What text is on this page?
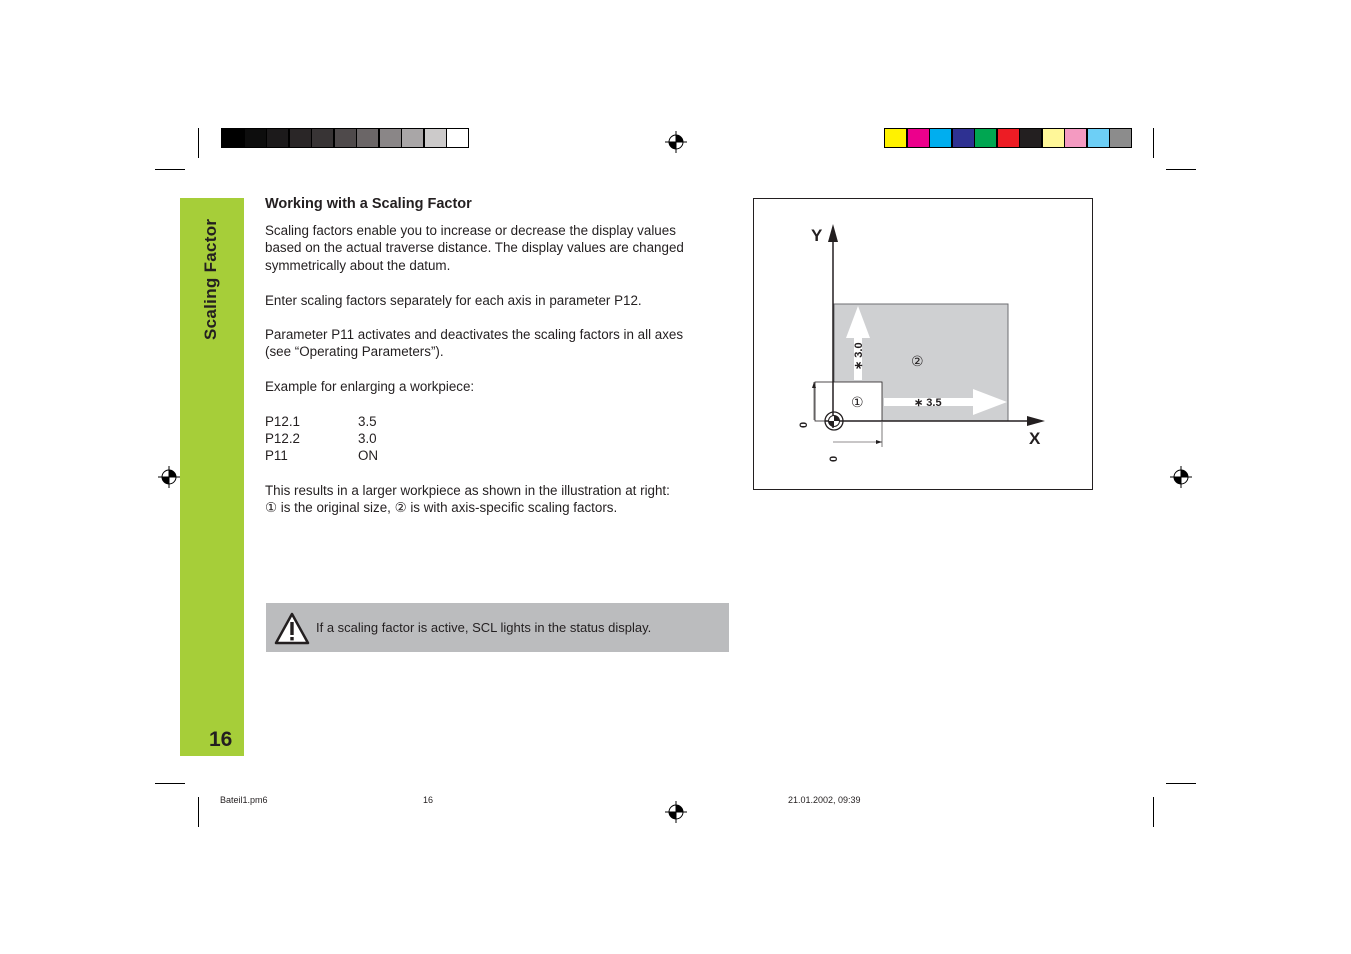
Scaling Factor
16
Working with a Scaling Factor
Scaling factors enable you to increase or decrease the display values
based on the actual traverse distance. The display values are changed
symmetrically about the datum.
Enter scaling factors separately for each axis in parameter P12.
Parameter P11 activates and deactivates the scaling factors in all axes
(see “Operating Parameters”).
Example for enlarging a workpiece:
P12.1	3.5
P12.2	3.0
P11	ON
This results in a larger workpiece as shown in the illustration at right:
① is the original size, ② is with axis-specific scaling factors.
If a scaling factor is active, SCL lights in the status display.
Y
X
①
②
∗ 3.5
∗ 3.0
0
0
Bateil1.pm6	16	21.01.2002, 09:39
